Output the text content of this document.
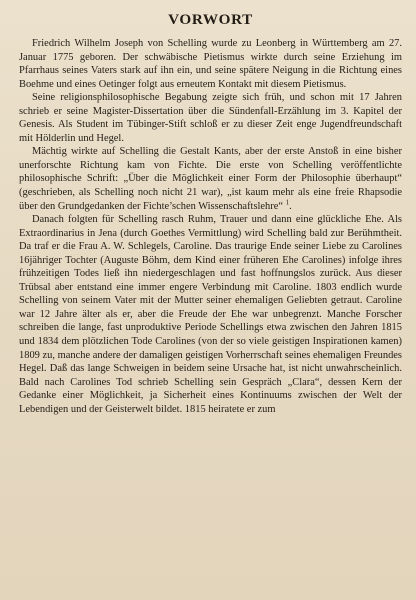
VORWORT

Friedrich Wilhelm Joseph von Schelling wurde zu Leonberg in Württemberg am 27. Januar 1775 geboren. Der schwäbische Pietismus wirkte durch seine Erziehung im Pfarrhaus seines Vaters stark auf ihn ein, und seine spätere Neigung in die Richtung eines Boehme und eines Oetinger folgt aus erneutem Kontakt mit diesem Pietismus.

Seine religionsphilosophische Begabung zeigte sich früh, und schon mit 17 Jahren schrieb er seine Magister-Dissertation über die Sündenfall-Erzählung im 3. Kapitel der Genesis. Als Student im Tübinger-Stift schloß er zu dieser Zeit enge Jugendfreundschaft mit Hölderlin und Hegel.

Mächtig wirkte auf Schelling die Gestalt Kants, aber der erste Anstoß in eine bisher unerforschte Richtung kam von Fichte. Die erste von Schelling veröffentlichte philosophische Schrift: „Über die Möglichkeit einer Form der Philosophie überhaupt“ (geschrieben, als Schelling noch nicht 21 war), „ist kaum mehr als eine freie Rhapsodie über den Grundgedanken der Fichte’schen Wissenschaftslehre“ $^1$.

Danach folgten für Schelling rasch Ruhm, Trauer und dann eine glückliche Ehe. Als Extraordinarius in Jena (durch Goethes Vermittlung) wird Schelling bald zur Berühmtheit. Da traf er die Frau A. W. Schlegels, Caroline. Das traurige Ende seiner Liebe zu Carolines 16jähriger Tochter (Auguste Böhm, dem Kind einer früheren Ehe Carolines) infolge ihres frühzeitigen Todes ließ ihn niedergeschlagen und fast hoffnungslos zurück. Aus dieser Trübsal aber entstand eine immer engere Verbindung mit Caroline. 1803 endlich wurde Schelling von seinem Vater mit der Mutter seiner ehemaligen Geliebten getraut. Caroline war 12 Jahre älter als er, aber die Freude der Ehe war unbegrenzt. Manche Forscher schreiben die lange, fast unproduktive Periode Schellings etwa zwischen den Jahren 1815 und 1834 dem plötzlichen Tode Carolines (von der so viele geistigen Inspirationen kamen) 1809 zu, manche andere der damaligen geistigen Vorherrschaft seines ehemaligen Freundes Hegel. Daß das lange Schweigen in beidem seine Ursache hat, ist nicht unwahrscheinlich. Bald nach Carolines Tod schrieb Schelling sein Gespräch „Clara“, dessen Kern der Gedanke einer Möglichkeit, ja Sicherheit eines Kontinuums zwischen der Welt der Lebendigen und der Geisterwelt bildet. 1815 heiratete er zum
